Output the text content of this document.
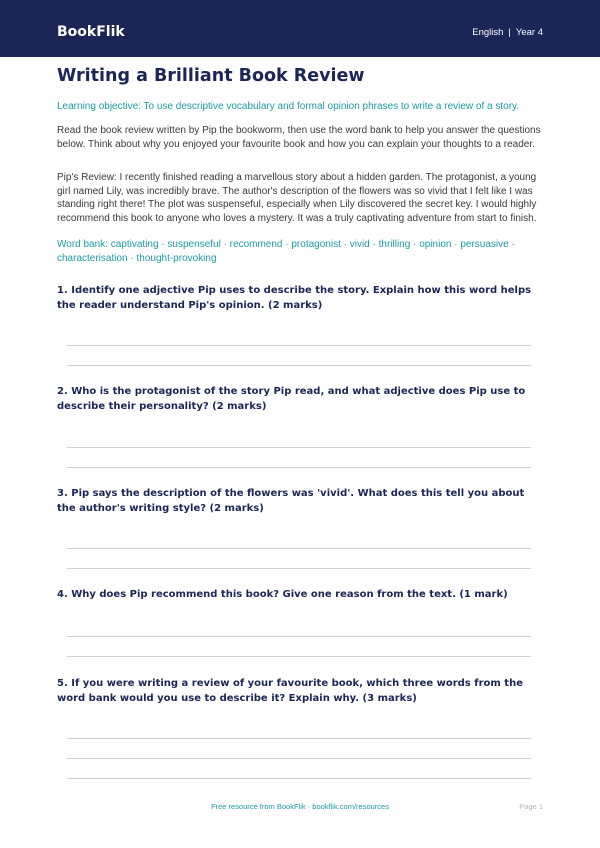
BookFlik	English | Year 4
Writing a Brilliant Book Review
Learning objective: To use descriptive vocabulary and formal opinion phrases to write a review of a story.
Read the book review written by Pip the bookworm, then use the word bank to help you answer the questions below. Think about why you enjoyed your favourite book and how you can explain your thoughts to a reader.
Pip's Review: I recently finished reading a marvellous story about a hidden garden. The protagonist, a young girl named Lily, was incredibly brave. The author's description of the flowers was so vivid that I felt like I was standing right there! The plot was suspenseful, especially when Lily discovered the secret key. I would highly recommend this book to anyone who loves a mystery. It was a truly captivating adventure from start to finish.
Word bank: captivating · suspenseful · recommend · protagonist · vivid · thrilling · opinion · persuasive · characterisation · thought-provoking
1. Identify one adjective Pip uses to describe the story. Explain how this word helps the reader understand Pip's opinion. (2 marks)
2. Who is the protagonist of the story Pip read, and what adjective does Pip use to describe their personality? (2 marks)
3. Pip says the description of the flowers was 'vivid'. What does this tell you about the author's writing style? (2 marks)
4. Why does Pip recommend this book? Give one reason from the text. (1 mark)
5. If you were writing a review of your favourite book, which three words from the word bank would you use to describe it? Explain why. (3 marks)
Free resource from BookFlik · bookflik.com/resources	Page 1
